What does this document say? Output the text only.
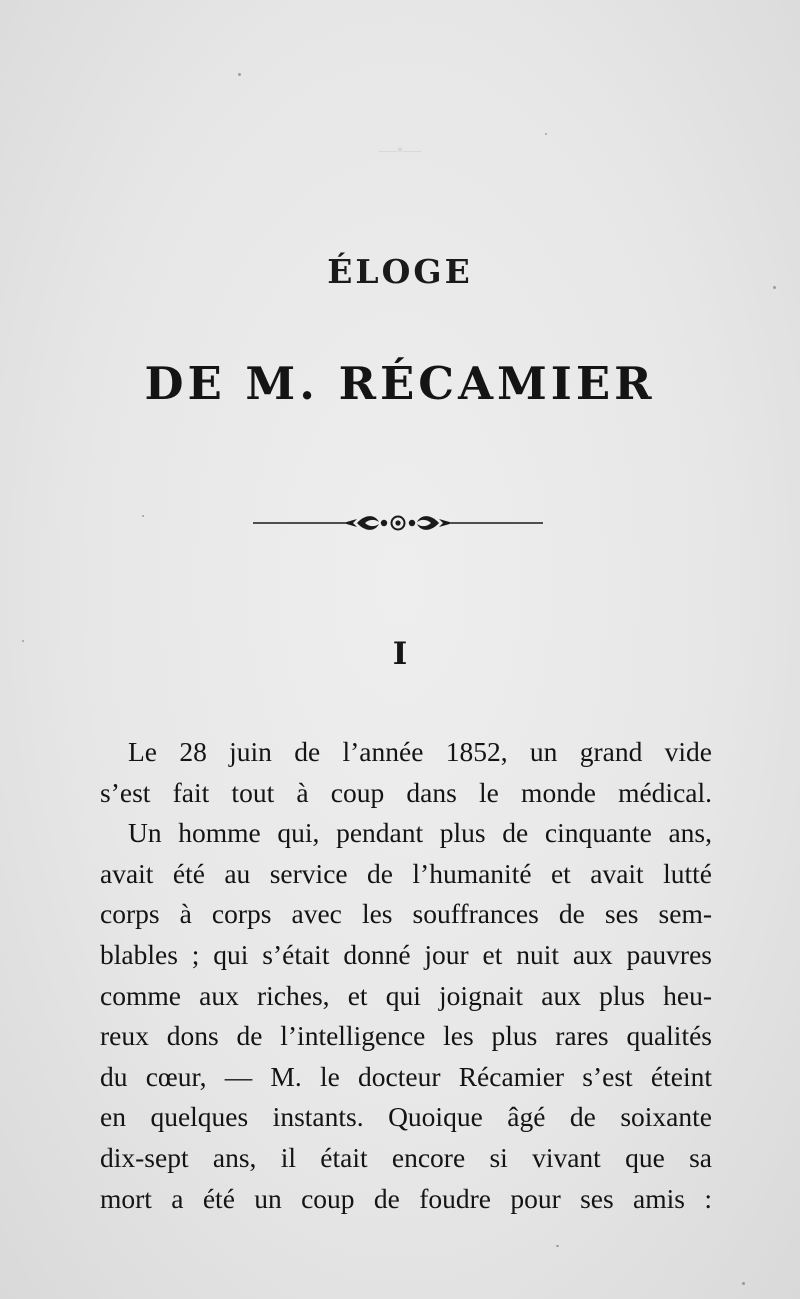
—•—
ÉLOGE
DE M. RÉCAMIER
I
Le 28 juin de l’année 1852, un grand vide
s’est fait tout à coup dans le monde médical.
Un homme qui, pendant plus de cinquante ans,
avait été au service de l’humanité et avait lutté
corps à corps avec les souffrances de ses sem-
blables ; qui s’était donné jour et nuit aux pauvres
comme aux riches, et qui joignait aux plus heu-
reux dons de l’intelligence les plus rares qualités
du cœur, — M. le docteur Récamier s’est éteint
en quelques instants. Quoique âgé de soixante
dix-sept ans, il était encore si vivant que sa
mort a été un coup de foudre pour ses amis :
